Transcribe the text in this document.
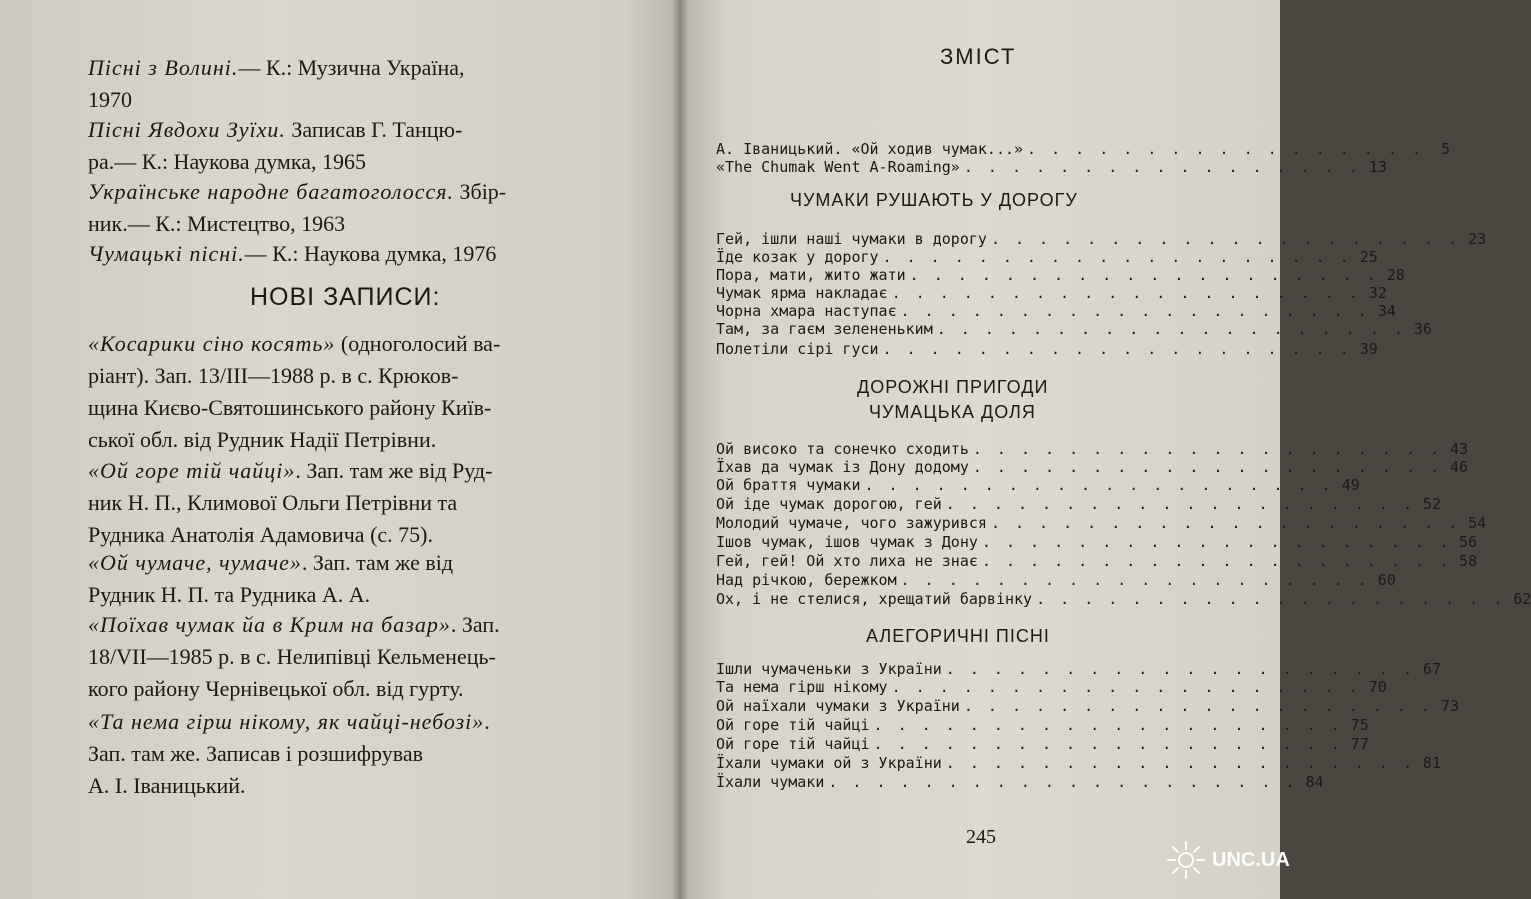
Пісні з Волині.— К.: Музична Україна,
1970
Пісні Явдохи Зуїхи. Записав Г. Танцю-
ра.— К.: Наукова думка, 1965
Українське народне багатоголосся. Збір-
ник.— К.: Мистецтво, 1963
Чумацькі пісні.— К.: Наукова думка, 1976
НОВІ ЗАПИСИ:
«Косарики сіно косять» (одноголосий ва-
ріант). Зап. 13/III—1988 р. в с. Крюков-
щина Києво-Святошинського району Київ-
ської обл. від Рудник Надії Петрівни.
«Ой горе тій чайці». Зап. там же від Руд-
ник Н. П., Климової Ольги Петрівни та
Рудника Анатолія Адамовича (с. 75).
«Ой чумаче, чумаче». Зап. там же від
Рудник Н. П. та Рудника А. А.
«Поїхав чумак йа в Крим на базар». Зап.
18/VII—1985 р. в с. Нелипівці Кельменець-
кого району Чернівецької обл. від гурту.
«Та нема гірш нікому, як чайці-небозі».
Зап. там же. Записав і розшифрував
А. І. Іваницький.
ЗМІСТ
А. Іваницький. «Ой ходив чумак...» . . . . . . . . . . . . . . . . .	5
«The Chumak Went A-Roaming» . . . . . . . . . . . . . . . . . 13
ЧУМАКИ РУШАЮТЬ У ДОРОГУ
Гей, ішли наші чумаки в дорогу . . . . . . . . . . . . . . . . . . . . 23
Їде козак у дорогу . . . . . . . . . . . . . . . . . . . . 25
Пора, мати, жито жати . . . . . . . . . . . . . . . . . . . . 28
Чумак ярма накладає . . . . . . . . . . . . . . . . . . . . 32
Чорна хмара наступає . . . . . . . . . . . . . . . . . . . . 34
Там, за гаєм зелененьким . . . . . . . . . . . . . . . . . . . . 36
Полетіли сірі гуси . . . . . . . . . . . . . . . . . . . . 39
ДОРОЖНІ ПРИГОДИ
ЧУМАЦЬКА ДОЛЯ
Ой високо та сонечко сходить . . . . . . . . . . . . . . . . . . . . 43
Їхав да чумак із Дону додому . . . . . . . . . . . . . . . . . . . . 46
Ой браття чумаки . . . . . . . . . . . . . . . . . . . . 49
Ой іде чумак дорогою, гей . . . . . . . . . . . . . . . . . . . . 52
Молодий чумаче, чого зажурився . . . . . . . . . . . . . . . . . . . . 54
Ішов чумак, ішов чумак з Дону . . . . . . . . . . . . . . . . . . . . 56
Гей, гей! Ой хто лиха не знає . . . . . . . . . . . . . . . . . . . . 58
Над річкою, бережком . . . . . . . . . . . . . . . . . . . . 60
Ох, і не стелися, хрещатий барвінку . . . . . . . . . . . . . . . . . . . . 62
АЛЕГОРИЧНІ ПІСНІ
Ішли чумаченьки з України . . . . . . . . . . . . . . . . . . . . 67
Та нема гірш нікому . . . . . . . . . . . . . . . . . . . . 70
Ой наїхали чумаки з України . . . . . . . . . . . . . . . . . . . . 73
Ой горе тій чайці . . . . . . . . . . . . . . . . . . . . 75
Ой горе тій чайці . . . . . . . . . . . . . . . . . . . . 77
Їхали чумаки ой з України . . . . . . . . . . . . . . . . . . . . 81
Їхали чумаки . . . . . . . . . . . . . . . . . . . . 84
245
UNC.UA
